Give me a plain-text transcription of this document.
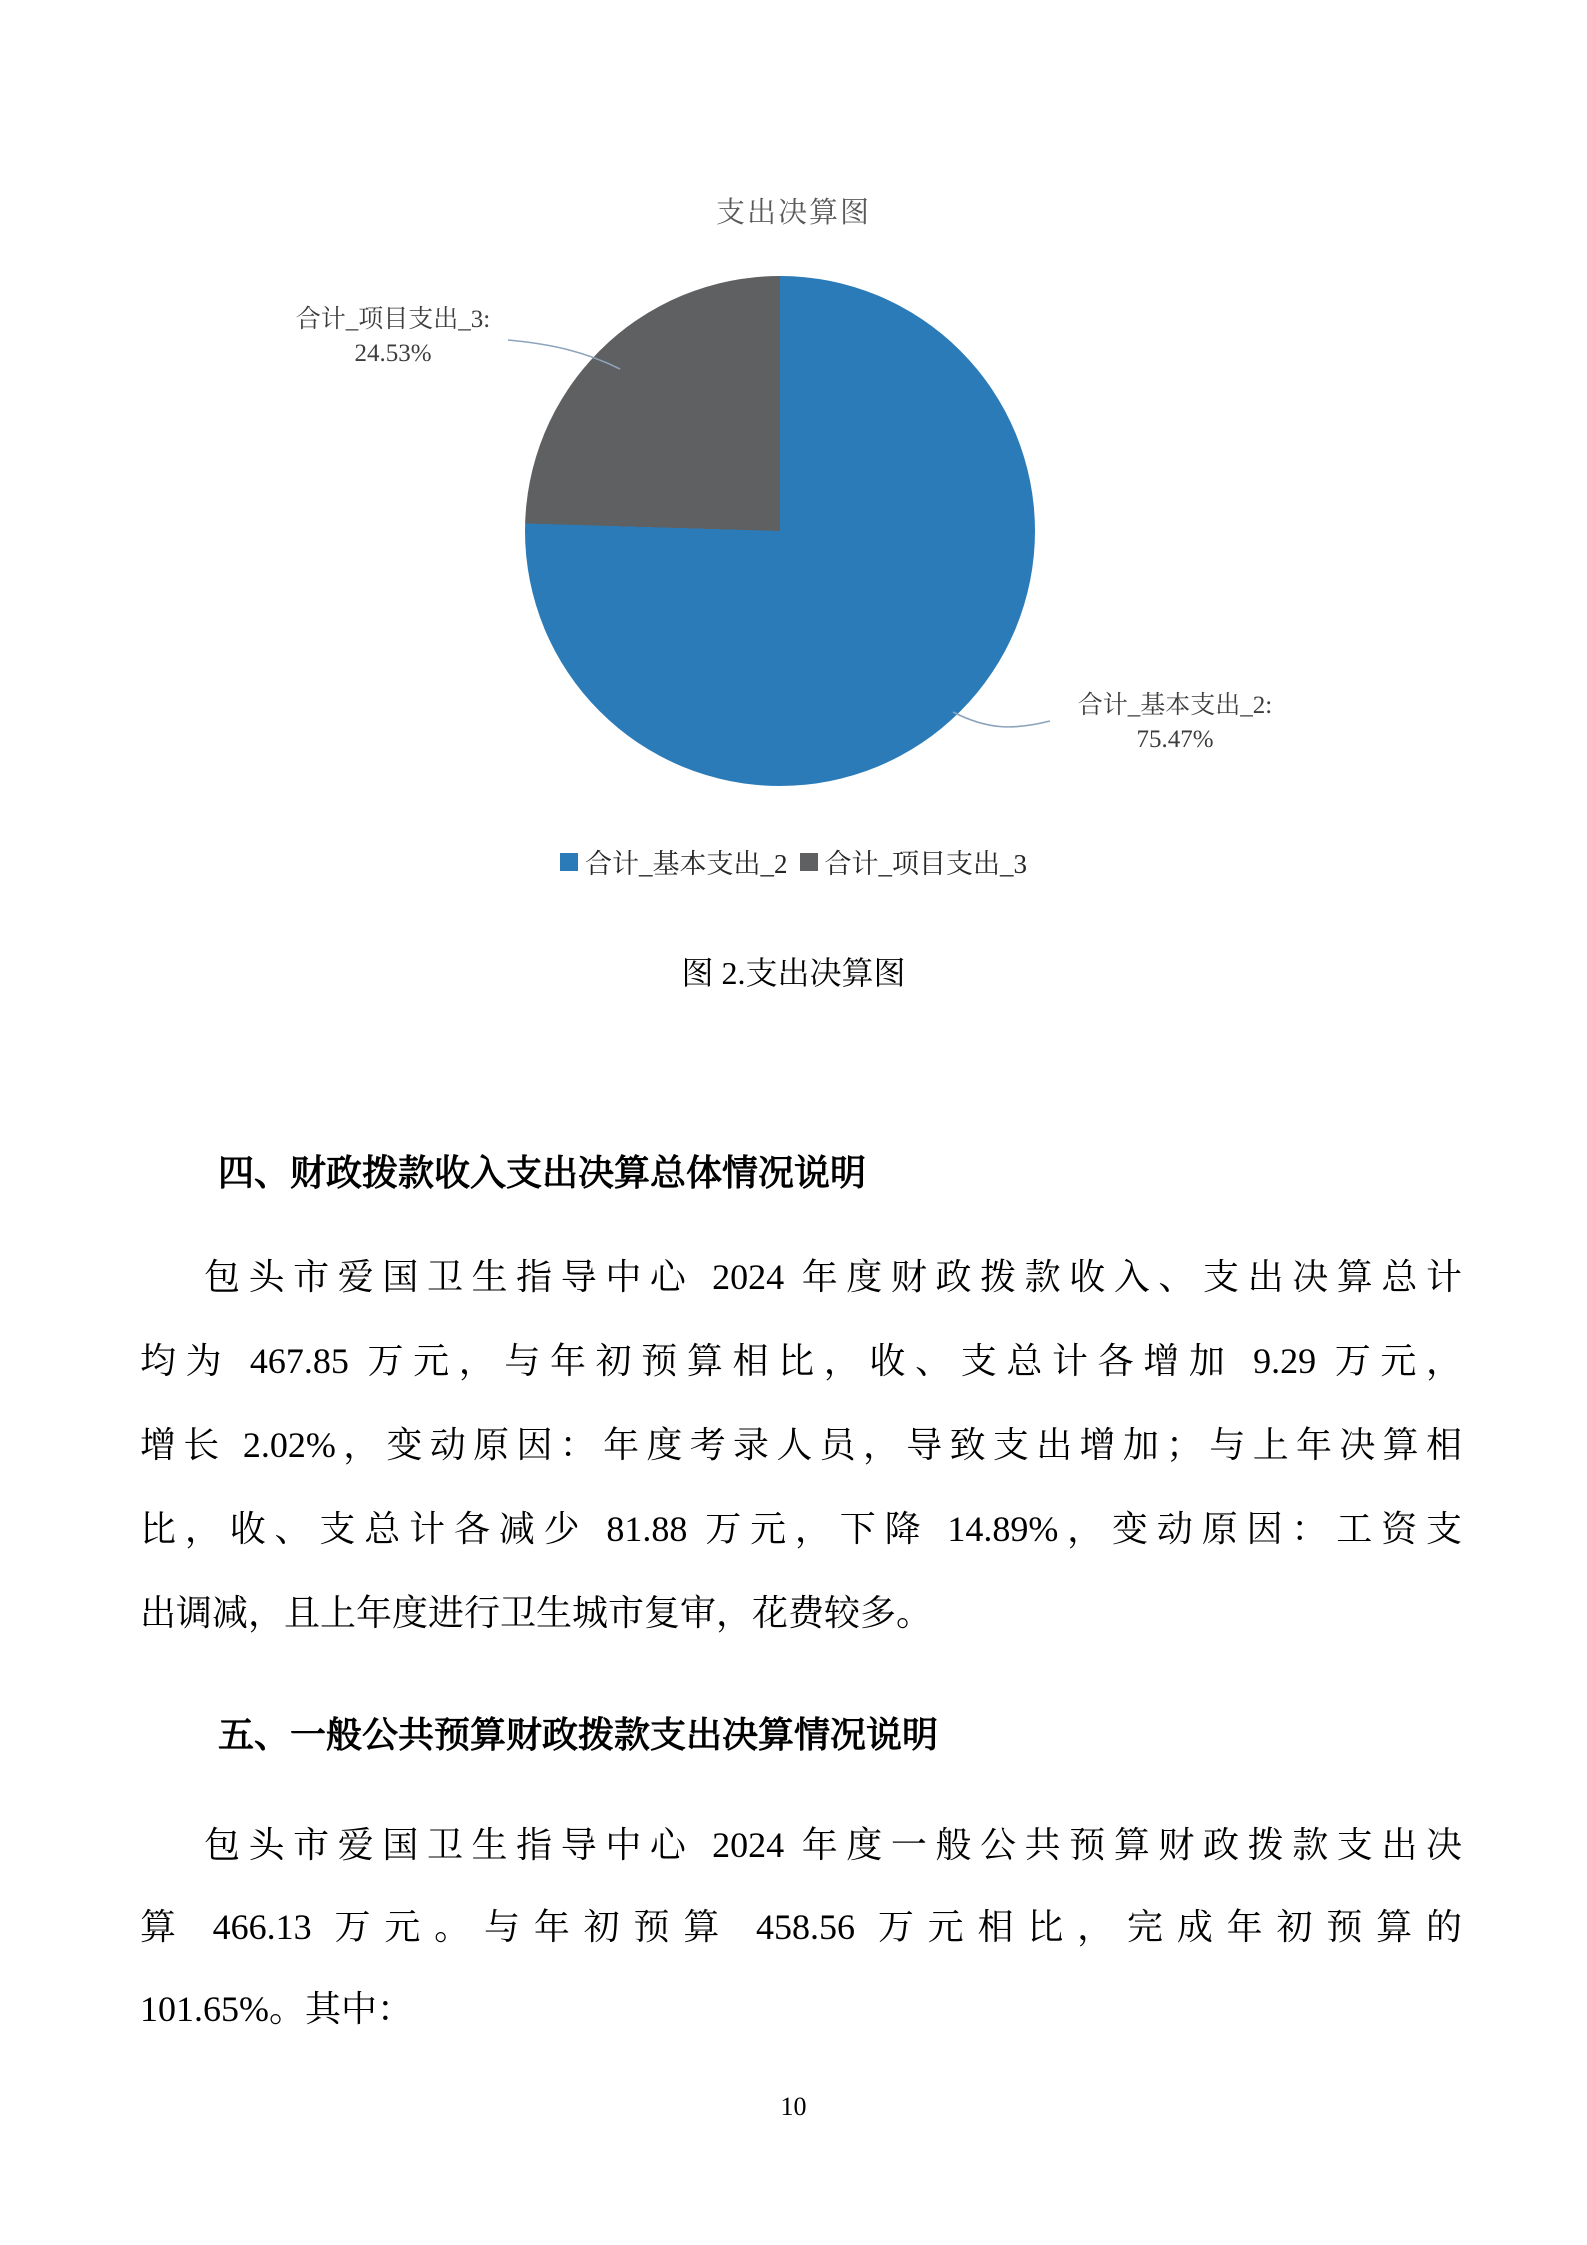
支出决算图
合计_项目支出_3:
24.53%
合计_基本支出_2:
75.47%
合计_基本支出_2 合计_项目支出_3
图 2.支出决算图
四、财政拨款收入支出决算总体情况说明
包头市爱国卫生指导中心 2024 年度财政拨款收入、支出决算总计
均为 467.85 万元，与年初预算相比，收、支总计各增加 9.29 万元，
增长 2.02%，变动原因：年度考录人员，导致支出增加；与上年决算相
比，收、支总计各减少 81.88 万元，下降 14.89%，变动原因：工资支
出调减，且上年度进行卫生城市复审，花费较多。
五、一般公共预算财政拨款支出决算情况说明
包头市爱国卫生指导中心 2024 年度一般公共预算财政拨款支出决
算 466.13 万元。与年初预算 458.56 万元相比，完成年初预算的
101.65%。其中：
10
